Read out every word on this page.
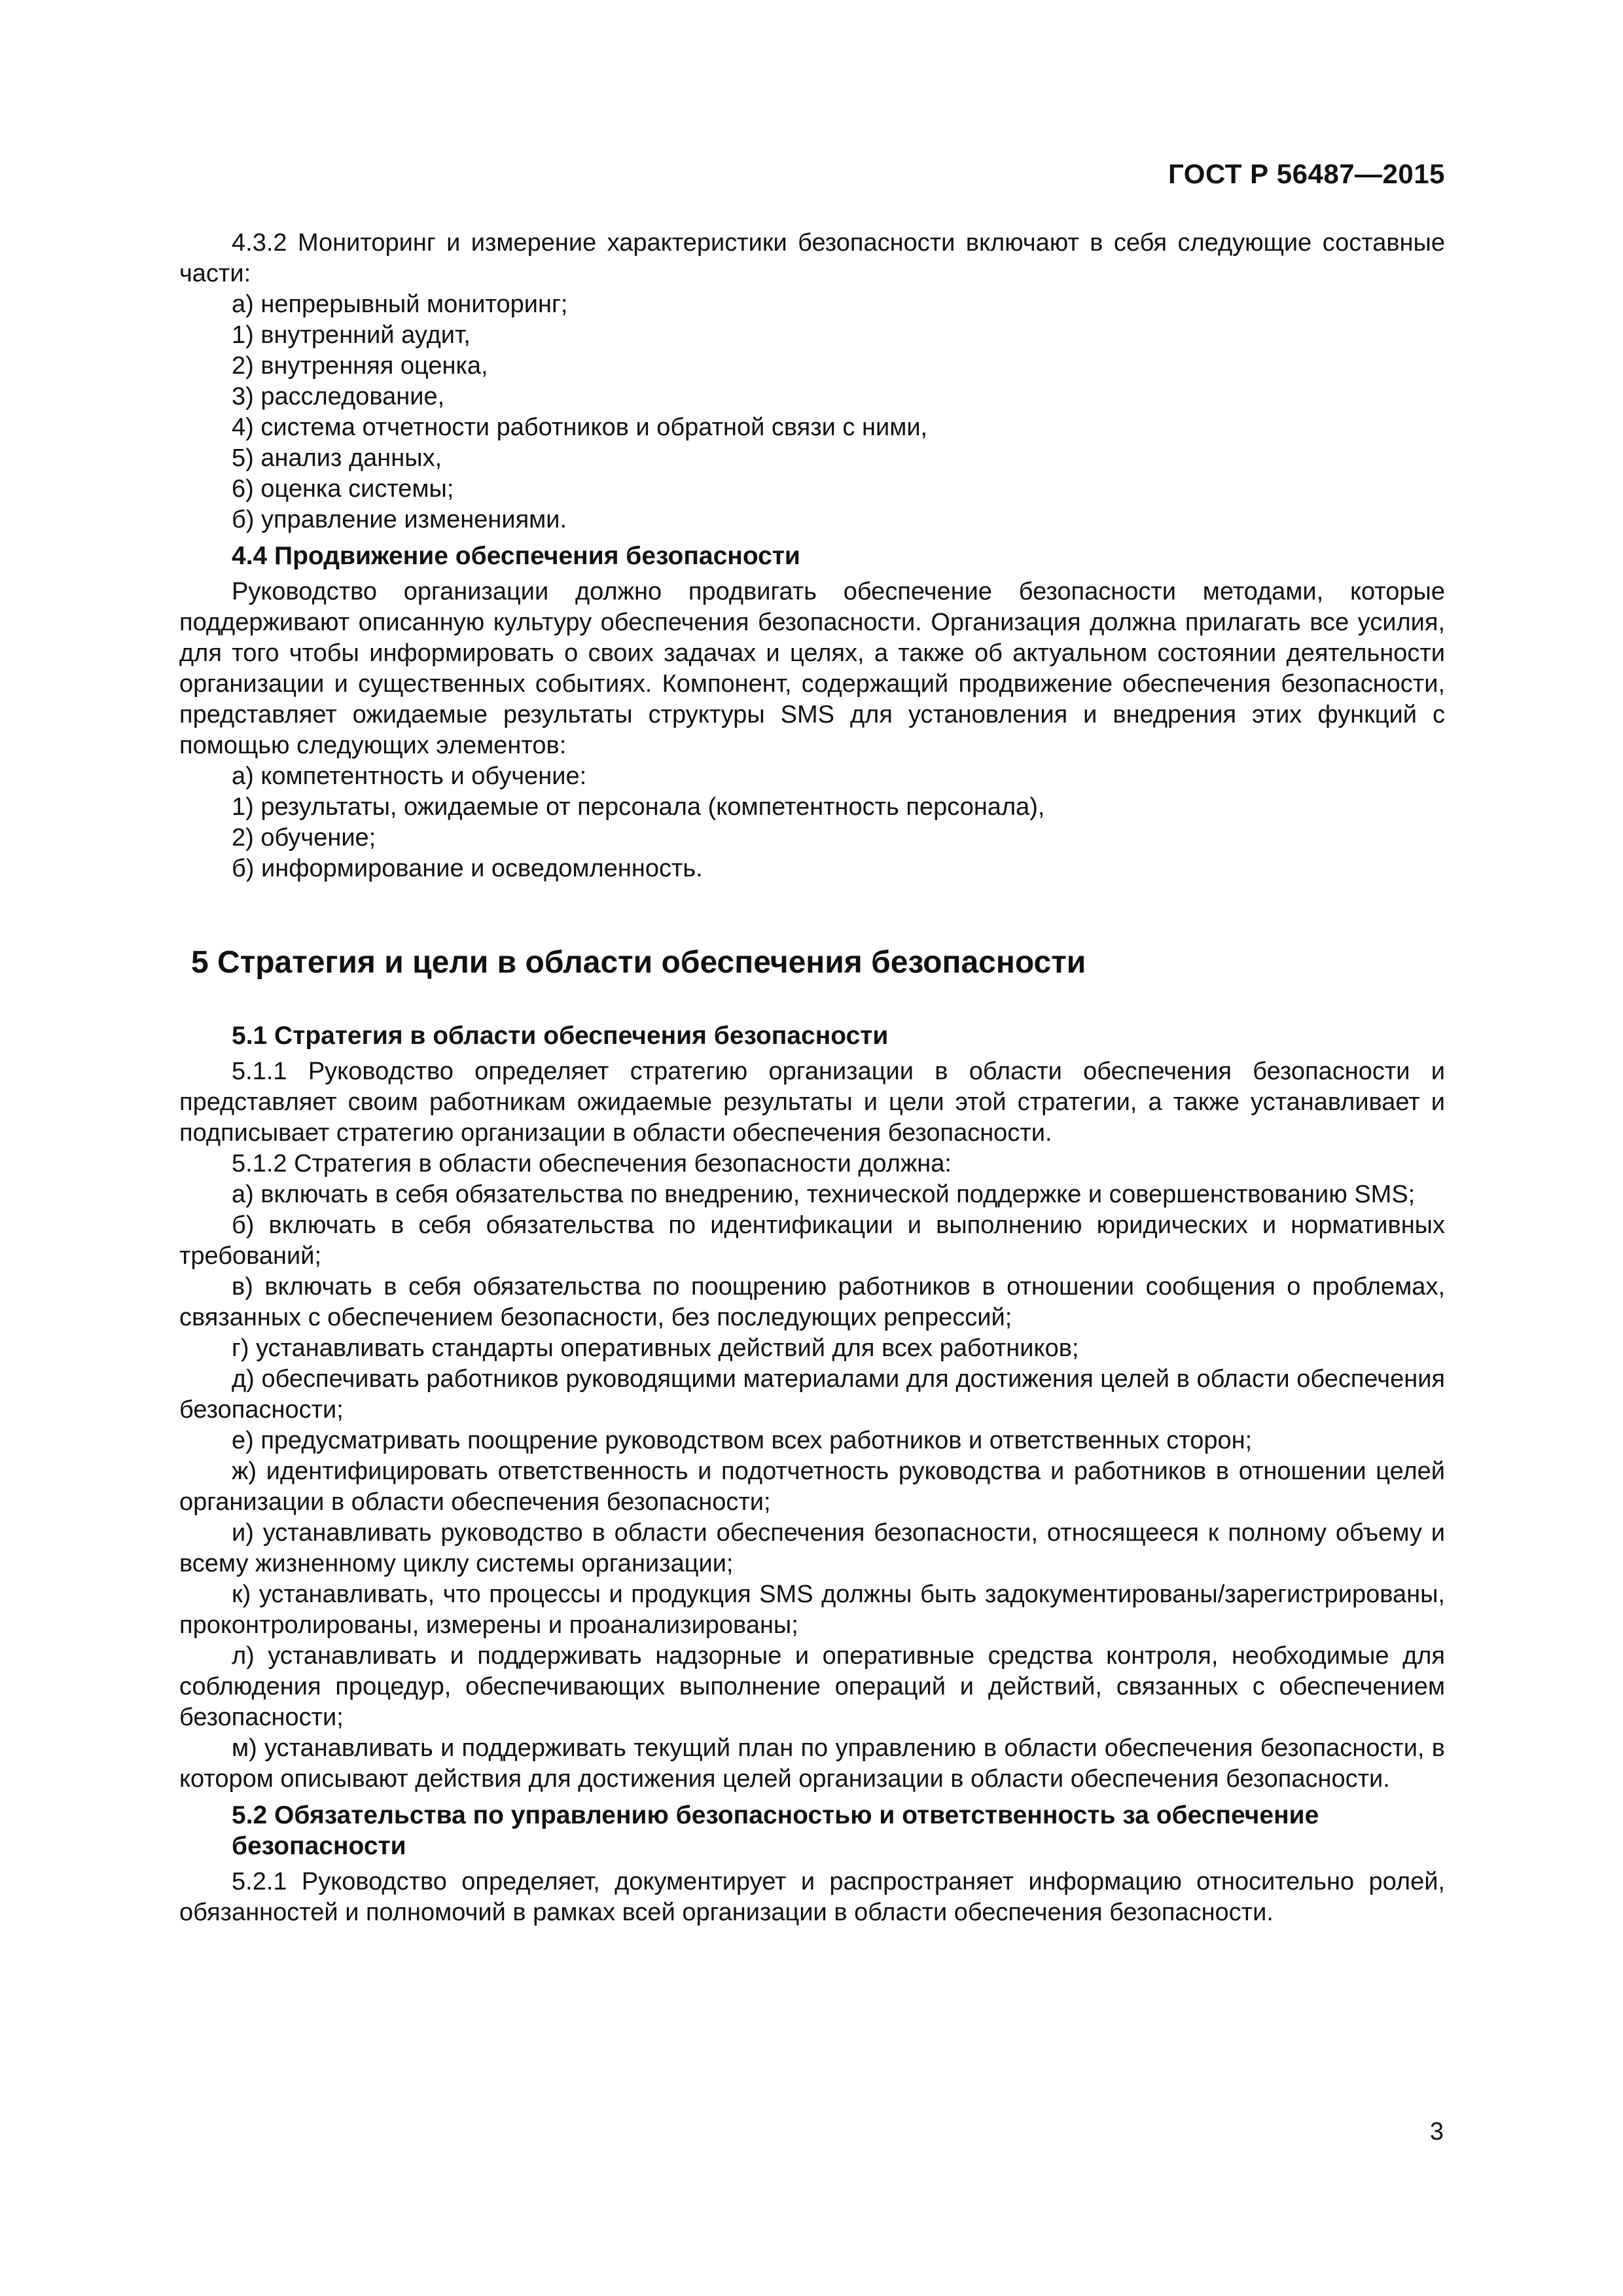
ГОСТ Р 56487—2015

4.3.2 Мониторинг и измерение характеристики безопасности включают в себя следующие составные части:

а) непрерывный мониторинг;

1) внутренний аудит,

2) внутренняя оценка,

3) расследование,

4) система отчетности работников и обратной связи с ними,

5) анализ данных,

6) оценка системы;

б) управление изменениями.

4.4 Продвижение обеспечения безопасности

Руководство организации должно продвигать обеспечение безопасности методами, которые поддерживают описанную культуру обеспечения безопасности. Организация должна прилагать все усилия, для того чтобы информировать о своих задачах и целях, а также об актуальном состоянии деятельности организации и существенных событиях. Компонент, содержащий продвижение обеспечения безопасности, представляет ожидаемые результаты структуры SMS для установления и внедрения этих функций с помощью следующих элементов:

а) компетентность и обучение:

1) результаты, ожидаемые от персонала (компетентность персонала),

2) обучение;

б) информирование и осведомленность.

5 Стратегия и цели в области обеспечения безопасности

5.1 Стратегия в области обеспечения безопасности

5.1.1 Руководство определяет стратегию организации в области обеспечения безопасности и представляет своим работникам ожидаемые результаты и цели этой стратегии, а также устанавливает и подписывает стратегию организации в области обеспечения безопасности.

5.1.2 Стратегия в области обеспечения безопасности должна:

а) включать в себя обязательства по внедрению, технической поддержке и совершенствованию SMS;

б) включать в себя обязательства по идентификации и выполнению юридических и нормативных требований;

в) включать в себя обязательства по поощрению работников в отношении сообщения о проблемах, связанных с обеспечением безопасности, без последующих репрессий;

г) устанавливать стандарты оперативных действий для всех работников;

д) обеспечивать работников руководящими материалами для достижения целей в области обеспечения безопасности;

е) предусматривать поощрение руководством всех работников и ответственных сторон;

ж) идентифицировать ответственность и подотчетность руководства и работников в отношении целей организации в области обеспечения безопасности;

и) устанавливать руководство в области обеспечения безопасности, относящееся к полному объему и всему жизненному циклу системы организации;

к) устанавливать, что процессы и продукция SMS должны быть задокументированы/зарегистрированы, проконтролированы, измерены и проанализированы;

л) устанавливать и поддерживать надзорные и оперативные средства контроля, необходимые для соблюдения процедур, обеспечивающих выполнение операций и действий, связанных с обеспечением безопасности;

м) устанавливать и поддерживать текущий план по управлению в области обеспечения безопасности, в котором описывают действия для достижения целей организации в области обеспечения безопасности.

5.2 Обязательства по управлению безопасностью и ответственность за обеспечение безопасности

5.2.1 Руководство определяет, документирует и распространяет информацию относительно ролей, обязанностей и полномочий в рамках всей организации в области обеспечения безопасности.

3
